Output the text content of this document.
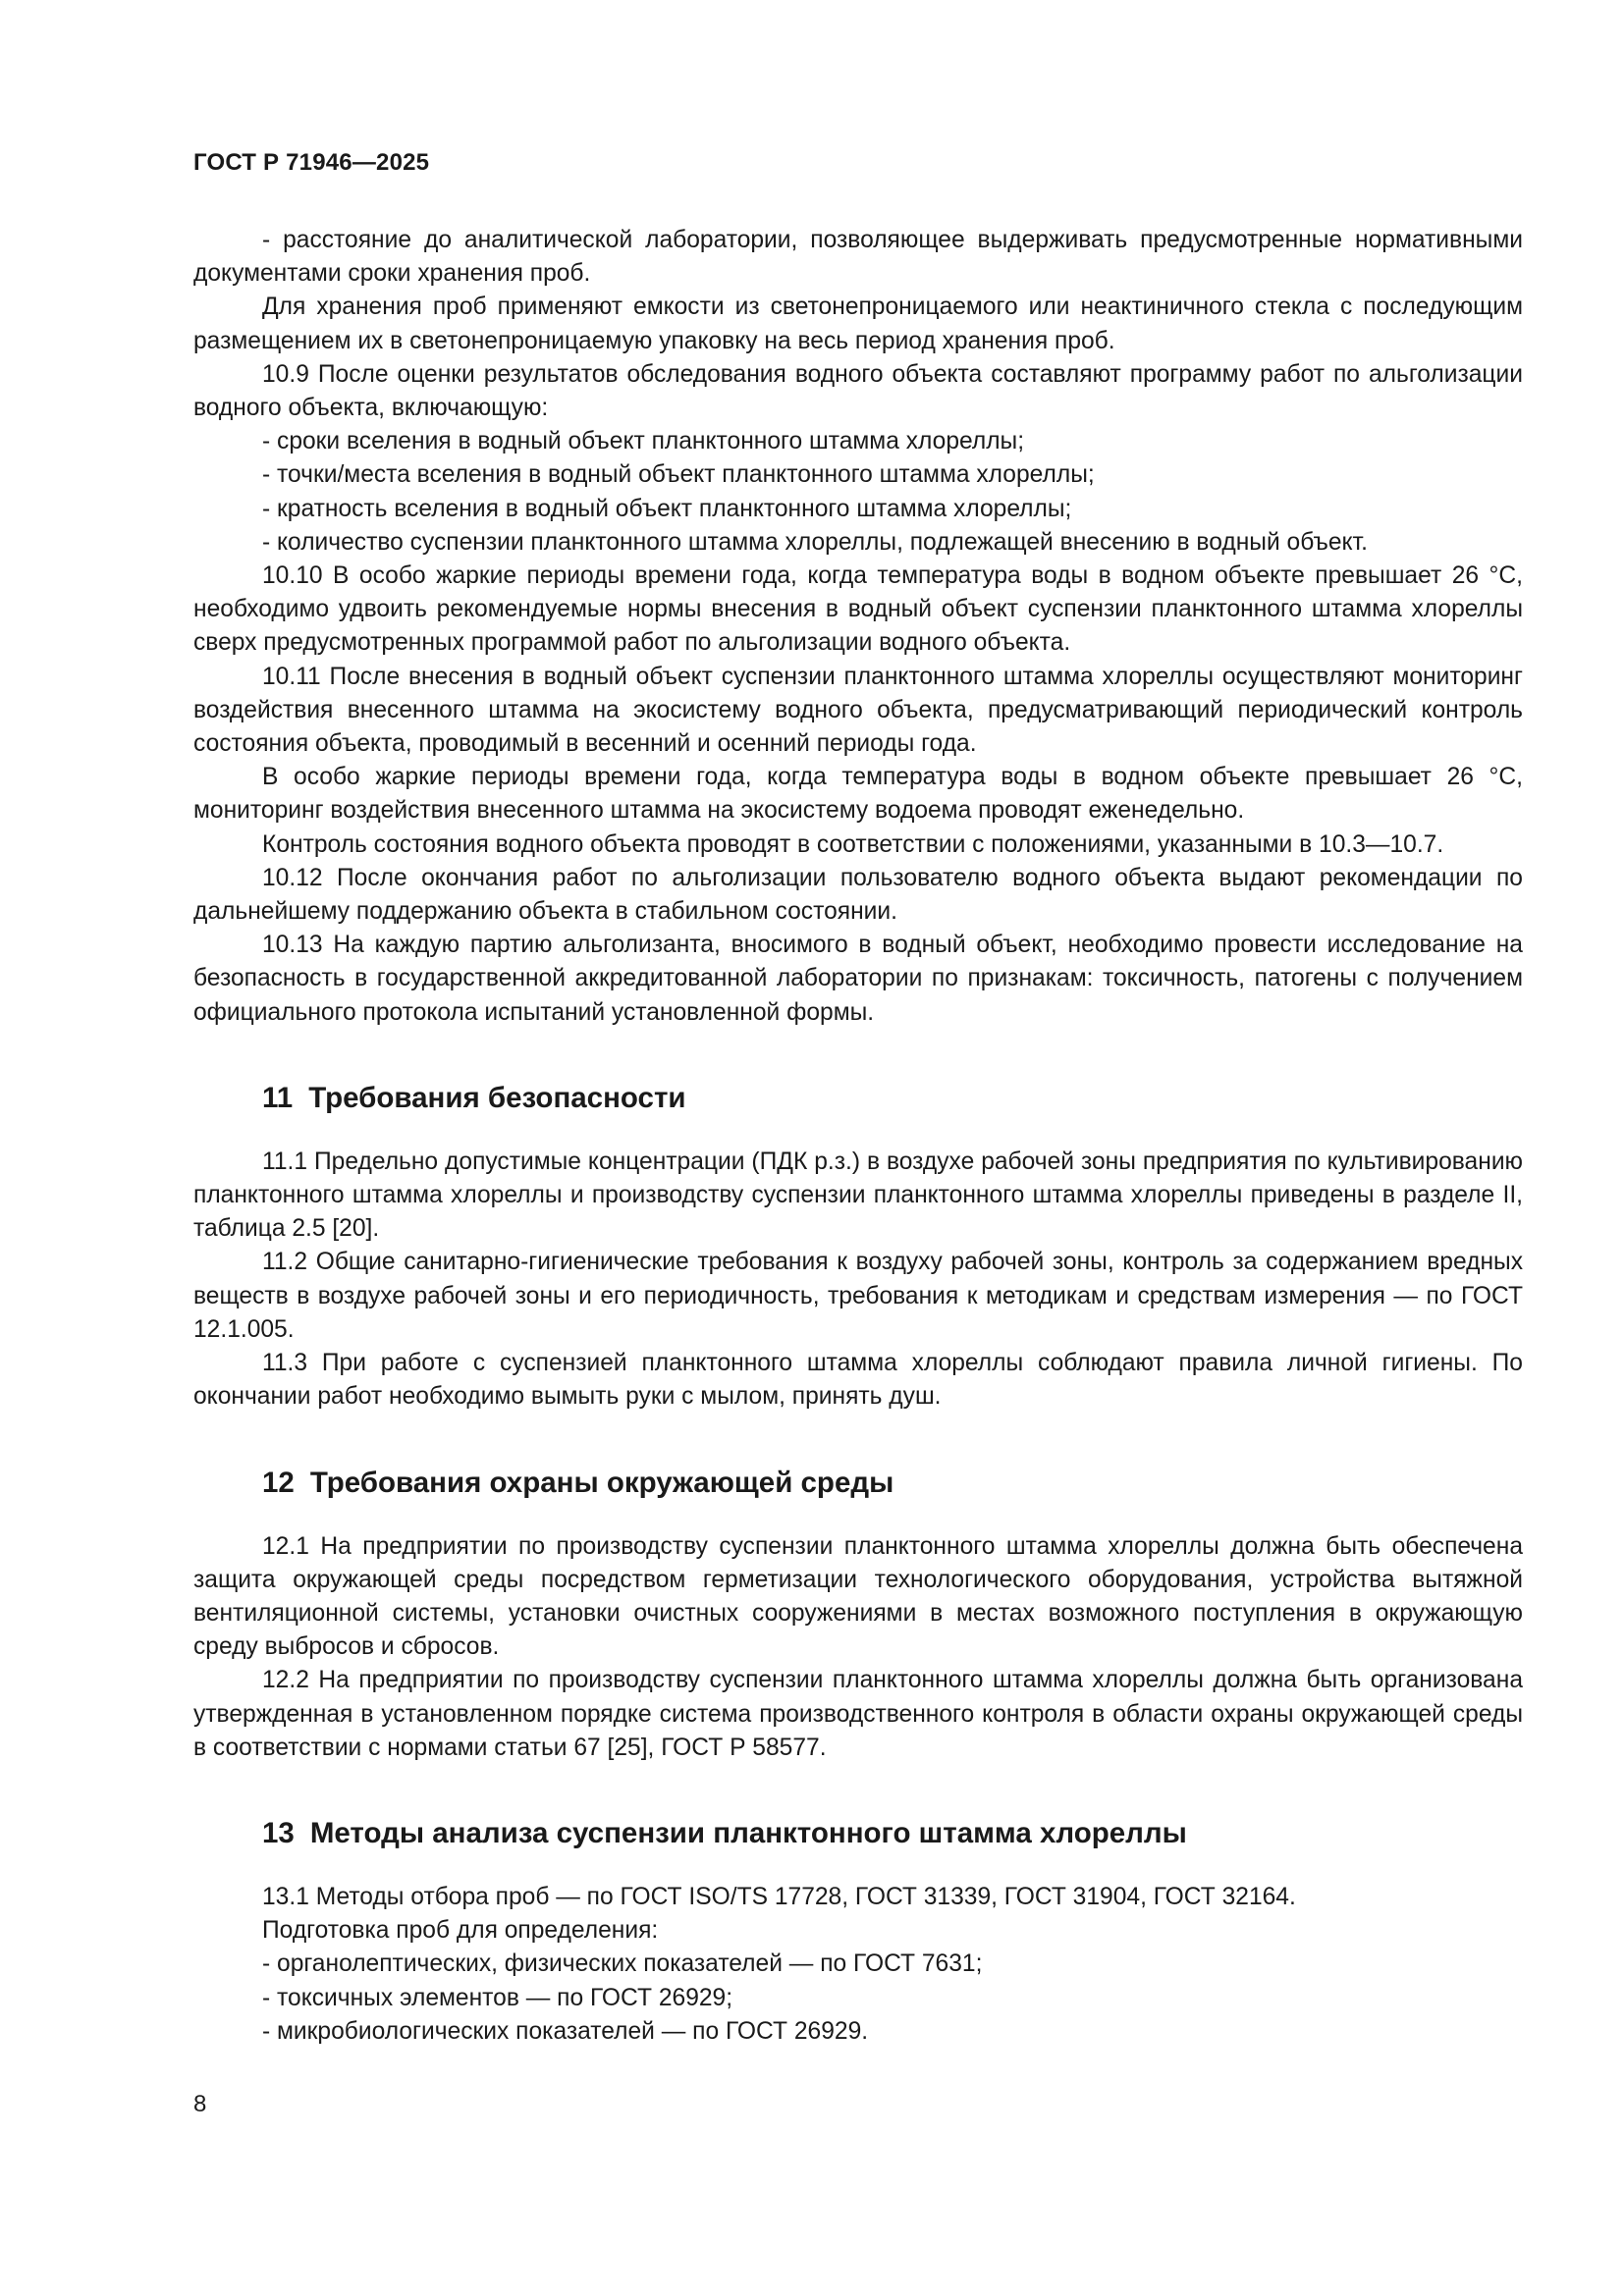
ГОСТ Р 71946—2025

- расстояние до аналитической лаборатории, позволяющее выдерживать предусмотренные нормативными документами сроки хранения проб.

Для хранения проб применяют емкости из светонепроницаемого или неактиничного стекла с последующим размещением их в светонепроницаемую упаковку на весь период хранения проб.

10.9 После оценки результатов обследования водного объекта составляют программу работ по альголизации водного объекта, включающую:

- сроки вселения в водный объект планктонного штамма хлореллы;

- точки/места вселения в водный объект планктонного штамма хлореллы;

- кратность вселения в водный объект планктонного штамма хлореллы;

- количество суспензии планктонного штамма хлореллы, подлежащей внесению в водный объект.

10.10 В особо жаркие периоды времени года, когда температура воды в водном объекте превышает 26 °С, необходимо удвоить рекомендуемые нормы внесения в водный объект суспензии планктонного штамма хлореллы сверх предусмотренных программой работ по альголизации водного объекта.

10.11 После внесения в водный объект суспензии планктонного штамма хлореллы осуществляют мониторинг воздействия внесенного штамма на экосистему водного объекта, предусматривающий периодический контроль состояния объекта, проводимый в весенний и осенний периоды года.

В особо жаркие периоды времени года, когда температура воды в водном объекте превышает 26 °С, мониторинг воздействия внесенного штамма на экосистему водоема проводят еженедельно.

Контроль состояния водного объекта проводят в соответствии с положениями, указанными в 10.3—10.7.

10.12 После окончания работ по альголизации пользователю водного объекта выдают рекомендации по дальнейшему поддержанию объекта в стабильном состоянии.

10.13 На каждую партию альголизанта, вносимого в водный объект, необходимо провести исследование на безопасность в государственной аккредитованной лаборатории по признакам: токсичность, патогены с получением официального протокола испытаний установленной формы.

11 Требования безопасности

11.1 Предельно допустимые концентрации (ПДК р.з.) в воздухе рабочей зоны предприятия по культивированию планктонного штамма хлореллы и производству суспензии планктонного штамма хлореллы приведены в разделе II, таблица 2.5 [20].

11.2 Общие санитарно-гигиенические требования к воздуху рабочей зоны, контроль за содержанием вредных веществ в воздухе рабочей зоны и его периодичность, требования к методикам и средствам измерения — по ГОСТ 12.1.005.

11.3 При работе с суспензией планктонного штамма хлореллы соблюдают правила личной гигиены. По окончании работ необходимо вымыть руки с мылом, принять душ.

12 Требования охраны окружающей среды

12.1 На предприятии по производству суспензии планктонного штамма хлореллы должна быть обеспечена защита окружающей среды посредством герметизации технологического оборудования, устройства вытяжной вентиляционной системы, установки очистных сооружениями в местах возможного поступления в окружающую среду выбросов и сбросов.

12.2 На предприятии по производству суспензии планктонного штамма хлореллы должна быть организована утвержденная в установленном порядке система производственного контроля в области охраны окружающей среды в соответствии с нормами статьи 67 [25], ГОСТ Р 58577.

13 Методы анализа суспензии планктонного штамма хлореллы

13.1 Методы отбора проб — по ГОСТ ISO/TS 17728, ГОСТ 31339, ГОСТ 31904, ГОСТ 32164.

Подготовка проб для определения:

- органолептических, физических показателей — по ГОСТ 7631;

- токсичных элементов — по ГОСТ 26929;

- микробиологических показателей — по ГОСТ 26929.

8
